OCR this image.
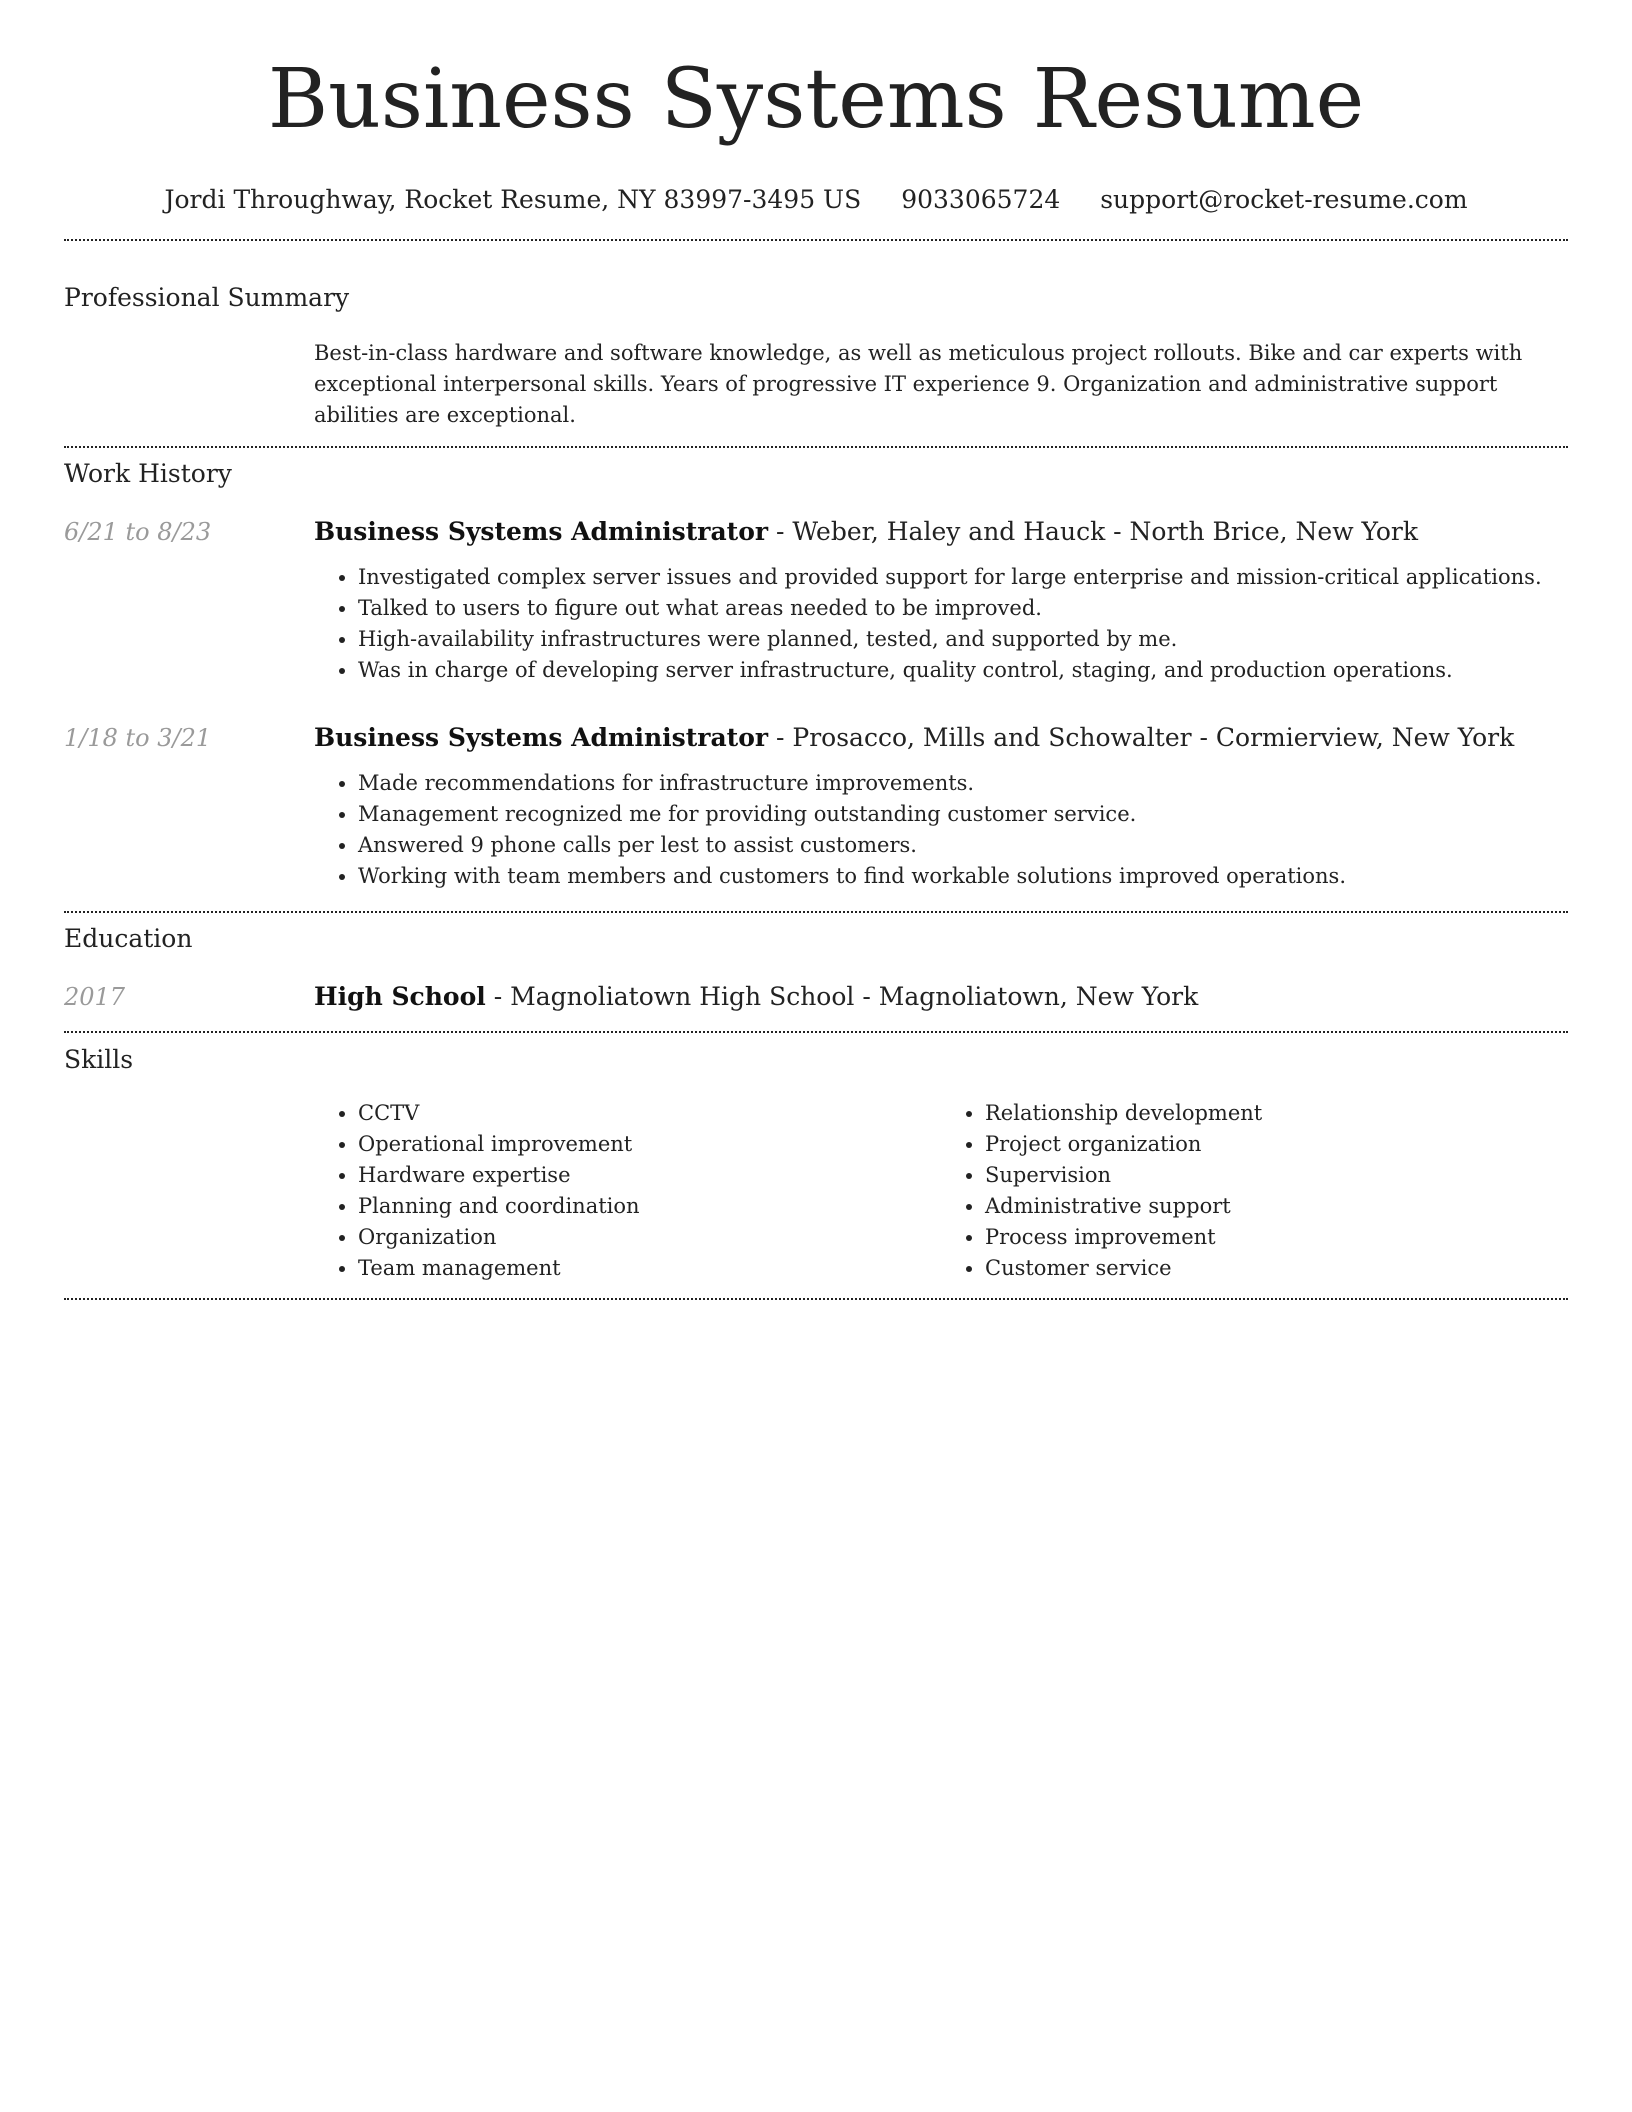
Business Systems Resume
Jordi Throughway, Rocket Resume, NY 83997-3495 US 9033065724 support@rocket-resume.com
Professional Summary

Best-in-class hardware and software knowledge, as well as meticulous project rollouts. Bike and car experts with exceptional interpersonal skills. Years of progressive IT experience 9. Organization and administrative support abilities are exceptional.

Work History
6/21 to 8/23	Business Systems Administrator - Weber, Haley and Hauck - North Brice, New York
• Investigated complex server issues and provided support for large enterprise and mission-critical applications.
• Talked to users to figure out what areas needed to be improved.
• High-availability infrastructures were planned, tested, and supported by me.
• Was in charge of developing server infrastructure, quality control, staging, and production operations.
1/18 to 3/21	Business Systems Administrator - Prosacco, Mills and Schowalter - Cormierview, New York
• Made recommendations for infrastructure improvements.
• Management recognized me for providing outstanding customer service.
• Answered 9 phone calls per lest to assist customers.
• Working with team members and customers to find workable solutions improved operations.
Education
2017	High School - Magnoliatown High School - Magnoliatown, New York
Skills
• CCTV
• Operational improvement
• Hardware expertise
• Planning and coordination
• Organization
• Team management
• Relationship development
• Project organization
• Supervision
• Administrative support
• Process improvement
• Customer service
